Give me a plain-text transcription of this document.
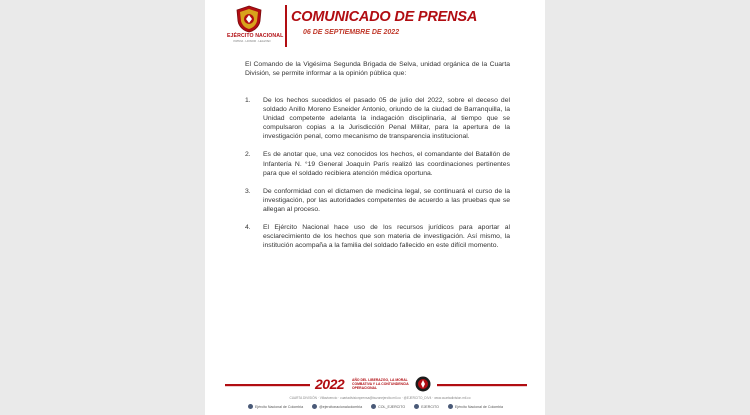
EJÉRCITO NACIONAL
PATRIA · HONOR · LEALTAD
COMUNICADO DE PRENSA
06 DE SEPTIEMBRE DE 2022

El Comando de la Vigésima Segunda Brigada de Selva, unidad orgánica de la Cuarta División, se permite informar a la opinión pública que:

1. De los hechos sucedidos el pasado 05 de julio del 2022, sobre el deceso del soldado Anillo Moreno Esneider Antonio, oriundo de la ciudad de Barranquilla, la Unidad competente adelanta la indagación disciplinaria, al tiempo que se compulsaron copias a la Jurisdicción Penal Militar, para la apertura de la investigación penal, como mecanismo de transparencia institucional.
2. Es de anotar que, una vez conocidos los hechos, el comandante del Batallón de Infantería N. °19 General Joaquín París realizó las coordinaciones pertinentes para que el soldado recibiera atención médica oportuna.
3. De conformidad con el dictamen de medicina legal, se continuará el curso de la investigación, por las autoridades competentes de acuerdo a las pruebas que se allegan al proceso.
4. El Ejército Nacional hace uso de los recursos jurídicos para aportar al esclarecimiento de los hechos que son materia de investigación. Así mismo, la institución acompaña a la familia del soldado fallecido en este difícil momento.
2022 AÑO DEL LIBERAZGO, LA MORAL COMBATIVA Y LA CONTUNDENCIA OPERACIONAL
CUARTA DIVISIÓN · Villavicencio · cuartadivisionprensa@buzonejercito.mil.co · @EJERCITO_DIV4 · www.cuartadivision.mil.co
Ejército Nacional de Colombia	@ejercitonacionalcolombia	COL_EJERCITO	EJERCITO	Ejército Nacional de Colombia
